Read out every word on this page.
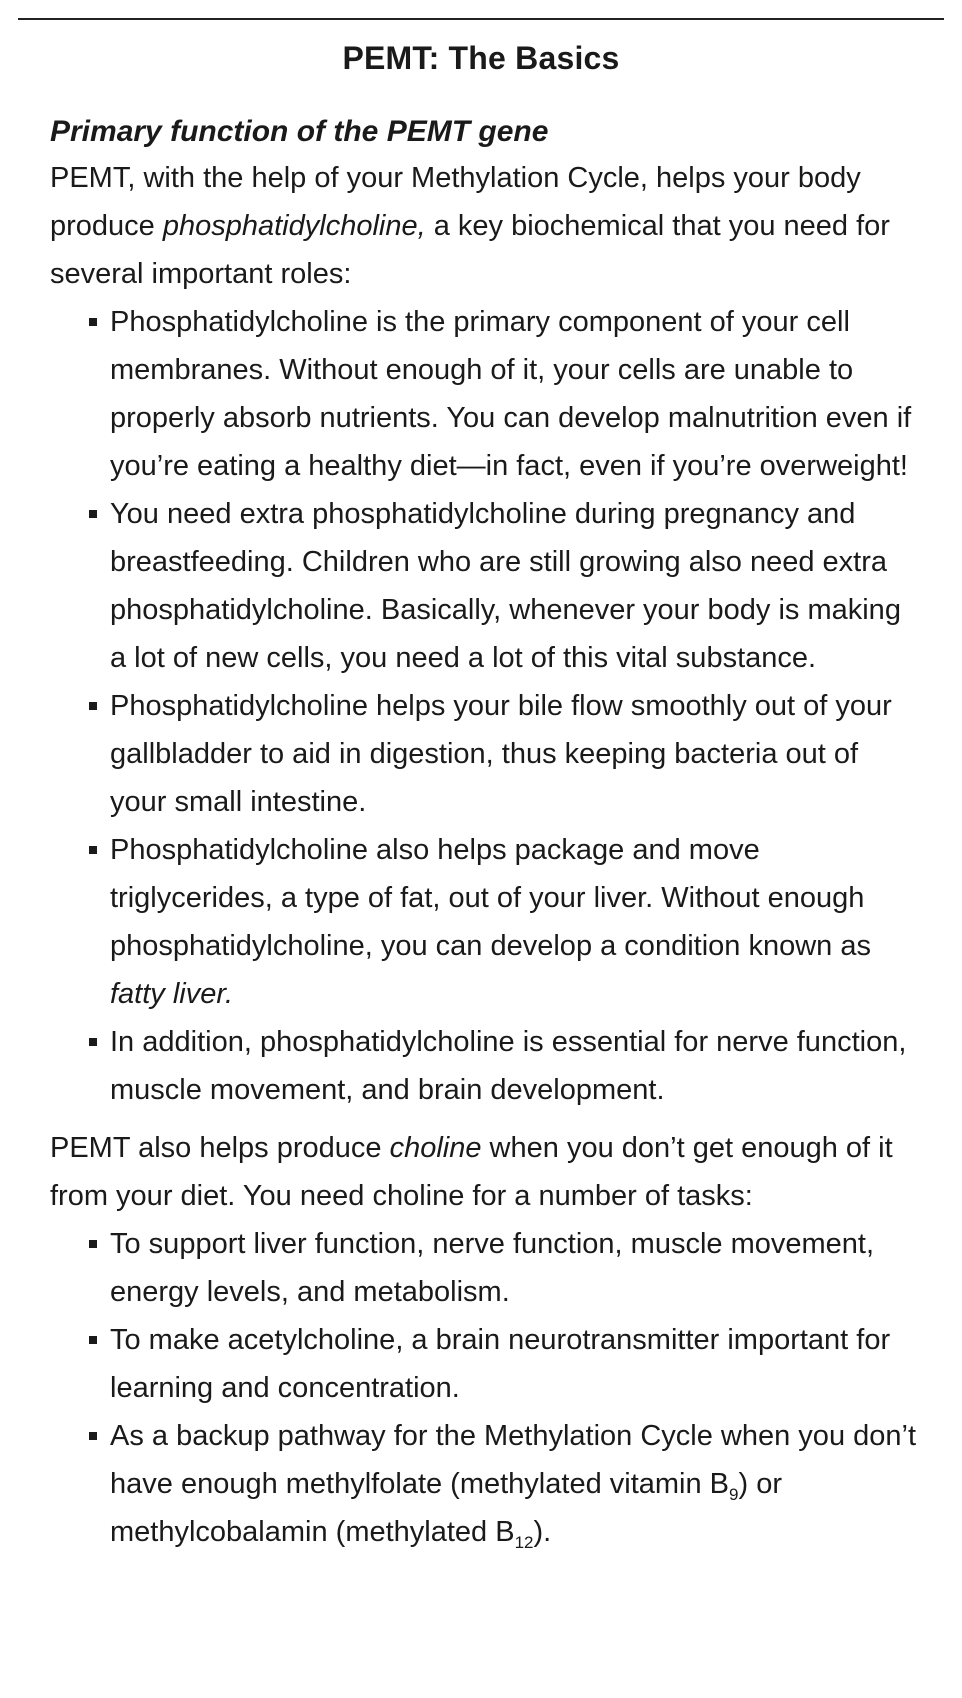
PEMT: The Basics
Primary function of the PEMT gene

PEMT, with the help of your Methylation Cycle, helps your body produce phosphatidylcholine, a key biochemical that you need for several important roles:

Phosphatidylcholine is the primary component of your cell membranes. Without enough of it, your cells are unable to properly absorb nutrients. You can develop malnutrition even if you’re eating a healthy diet—in fact, even if you’re overweight!
You need extra phosphatidylcholine during pregnancy and breastfeeding. Children who are still growing also need extra phosphatidylcholine. Basically, whenever your body is making a lot of new cells, you need a lot of this vital substance.
Phosphatidylcholine helps your bile flow smoothly out of your gallbladder to aid in digestion, thus keeping bacteria out of your small intestine.
Phosphatidylcholine also helps package and move triglycerides, a type of fat, out of your liver. Without enough phosphatidylcholine, you can develop a condition known as fatty liver.
In addition, phosphatidylcholine is essential for nerve function, muscle movement, and brain development.

PEMT also helps produce choline when you don’t get enough of it from your diet. You need choline for a number of tasks:

To support liver function, nerve function, muscle movement, energy levels, and metabolism.
To make acetylcholine, a brain neurotransmitter important for learning and concentration.
As a backup pathway for the Methylation Cycle when you don’t have enough methylfolate (methylated vitamin $B_9$) or methylcobalamin (methylated $B_{12}$).
